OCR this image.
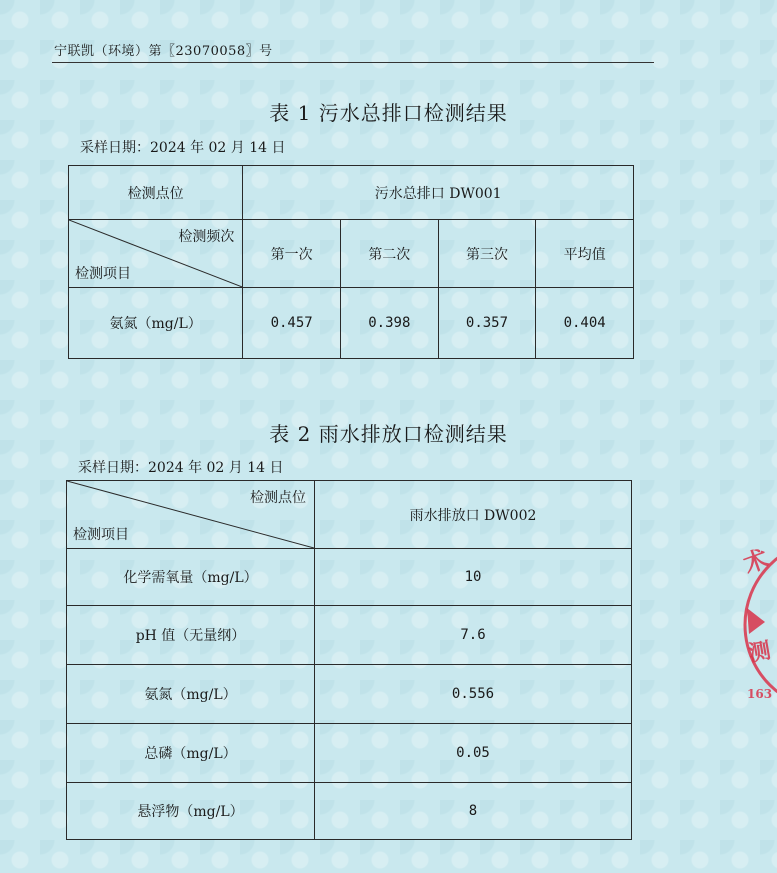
宁联凯（环境）第〖23070058〗号
表 1 污水总排口检测结果
采样日期：2024 年 02 月 14 日
检测点位	污水总排口 DW001			

检测频次
检测项目	第一次	第二次	第三次	平均值
氨氮（mg/L）	0.457	0.398	0.357	0.404
表 2 雨水排放口检测结果
采样日期：2024 年 02 月 14 日
检测点位
检测项目	雨水排放口 DW002
化学需氧量（mg/L）	10
pH 值（无量纲）	7.6
氨氮（mg/L）	0.556
总磷（mg/L）	0.05
悬浮物（mg/L）	8
术
测
163
